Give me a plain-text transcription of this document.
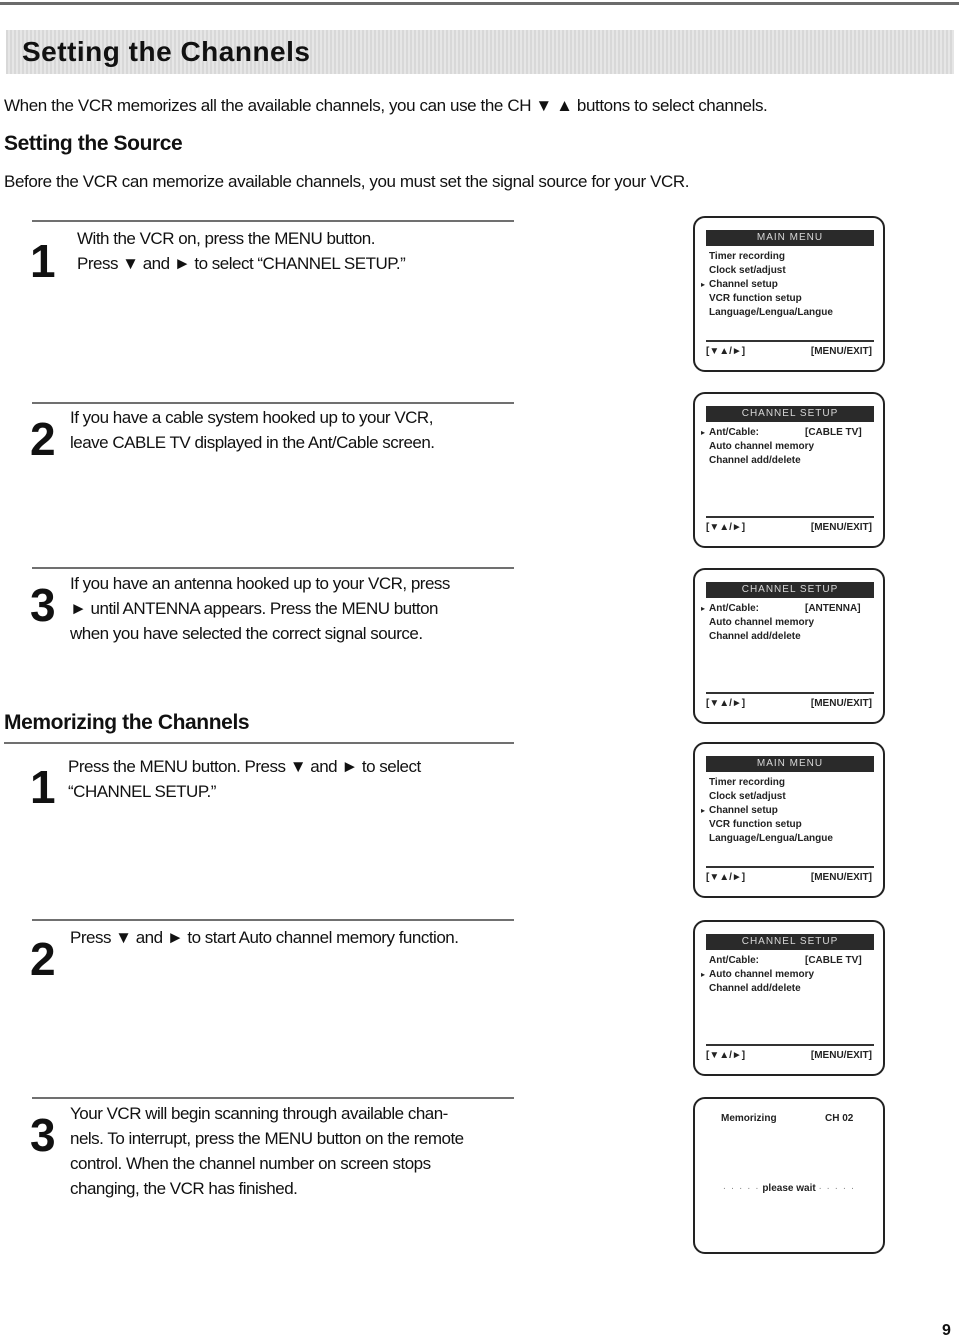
Setting the Channels
When the VCR memorizes all the available channels, you can use the CH ▼ ▲ buttons to select channels.
Setting the Source
Before the VCR can memorize available channels, you must set the signal source for your VCR.
1 With the VCR on, press the MENU button.
Press ▼ and ► to select “CHANNEL SETUP.”
2 If you have a cable system hooked up to your VCR,
leave CABLE TV displayed in the Ant/Cable screen.
3 If you have an antenna hooked up to your VCR, press
► until ANTENNA appears. Press the MENU button
when you have selected the correct signal source.
Memorizing the Channels
1 Press the MENU button. Press ▼ and ► to select
“CHANNEL SETUP.”
2 Press ▼ and ► to start Auto channel memory function.
3 Your VCR will begin scanning through available chan-
nels. To interrupt, press the MENU button on the remote
control. When the channel number on screen stops
changing, the VCR has finished.
MAIN MENU
Timer recording
Clock set/adjust
▸ Channel setup
VCR function setup
Language/Lengua/Langue
[▼▲/►]	[MENU/EXIT]
CHANNEL SETUP
▸ Ant/Cable:	[CABLE TV]
Auto channel memory
Channel add/delete
[▼▲/►]	[MENU/EXIT]
CHANNEL SETUP
▸ Ant/Cable:	[ANTENNA]
Auto channel memory
Channel add/delete
[▼▲/►]	[MENU/EXIT]
MAIN MENU
Timer recording
Clock set/adjust
▸ Channel setup
VCR function setup
Language/Lengua/Langue
[▼▲/►]	[MENU/EXIT]
CHANNEL SETUP
Ant/Cable:	[CABLE TV]
▸ Auto channel memory
Channel add/delete
[▼▲/►]	[MENU/EXIT]
Memorizing	CH 02
· · · · · please wait · · · · ·
9
